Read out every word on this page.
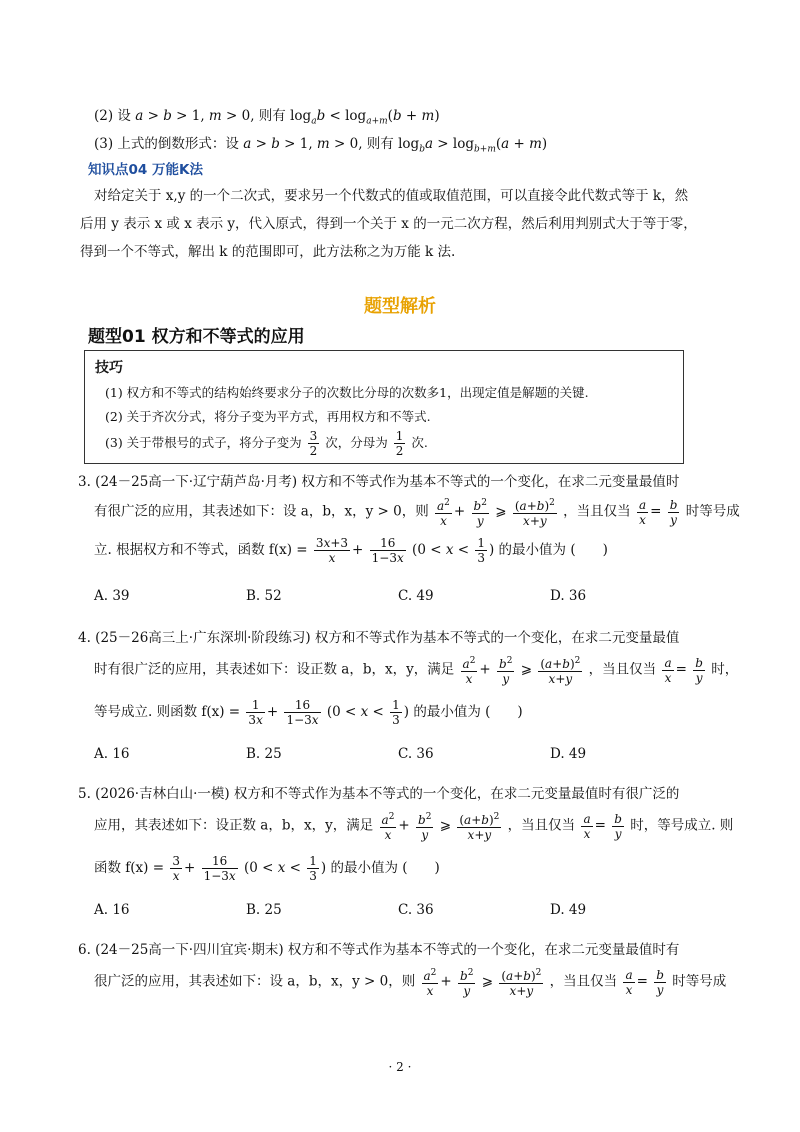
(2) 设 a > b > 1, m > 0, 则有 $\log_ab < \log_{a+m}(b + m)$
(3) 上式的倒数形式：设 a > b > 1, m > 0, 则有 $\log_ba > \log_{b+m}(a + m)$
知识点04 万能K法
对给定关于 x,y 的一个二次式，要求另一个代数式的值或取值范围，可以直接令此代数式等于 k，然
后用 y 表示 x 或 x 表示 y，代入原式，得到一个关于 x 的一元二次方程，然后利用判别式大于等于零，
得到一个不等式，解出 k 的范围即可，此方法称之为万能 k 法.
题型解析
题型01 权方和不等式的应用
技巧
(1) 权方和不等式的结构始终要求分子的次数比分母的次数多1，出现定值是解题的关键.
(2) 关于齐次分式，将分子变为平方式，再用权方和不等式.
(3) 关于带根号的式子，将分子变为 $\frac{3}{2}$ 次，分母为 $\frac{1}{2}$ 次.
3. (24－25高一下·辽宁葫芦岛·月考) 权方和不等式作为基本不等式的一个变化，在求二元变量最值时
有很广泛的应用，其表述如下：设 a，b，x，y > 0，则 $\frac{a^2}{x} + \frac{b^2}{y}$ ⩾ $\frac{(a+b)^2}{x+y}$ ，当且仅当 $\frac{a}{x} = \frac{b}{y}$ 时等号成
立. 根据权方和不等式，函数 $f(x) = \frac{3x+3}{x} + \frac{16}{1-3x} (0 < x < \frac{1}{3}$ ) 的最小值为 (　　)
A. 39	B. 52	C. 49	D. 36
4. (25－26高三上·广东深圳·阶段练习) 权方和不等式作为基本不等式的一个变化，在求二元变量最值
时有很广泛的应用，其表述如下：设正数 a，b，x，y，满足 $\frac{a^2}{x} + \frac{b^2}{y}$ ⩾ $\frac{(a+b)^2}{x+y}$ ，当且仅当 $\frac{a}{x} = \frac{b}{y}$ 时，
等号成立. 则函数 $f(x) = \frac{1}{3x} + \frac{16}{1-3x} (0 < x < \frac{1}{3}$ ) 的最小值为 (　　)
A. 16	B. 25	C. 36	D. 49
5. (2026·吉林白山·一模) 权方和不等式作为基本不等式的一个变化，在求二元变量最值时有很广泛的
应用，其表述如下：设正数 a，b，x，y，满足 $\frac{a^2}{x} + \frac{b^2}{y}$ ⩾ $\frac{(a+b)^2}{x+y}$ ，当且仅当 $\frac{a}{x} = \frac{b}{y}$ 时，等号成立. 则
函数 $f(x) = \frac{3}{x} + \frac{16}{1-3x} (0 < x < \frac{1}{3}$ ) 的最小值为 (　　)
A. 16	B. 25	C. 36	D. 49
6. (24－25高一下·四川宜宾·期末) 权方和不等式作为基本不等式的一个变化，在求二元变量最值时有
很广泛的应用，其表述如下：设 a，b，x，y > 0，则 $\frac{a^2}{x} + \frac{b^2}{y}$ ⩾ $\frac{(a+b)^2}{x+y}$ ，当且仅当 $\frac{a}{x} = \frac{b}{y}$ 时等号成
· 2 ·
